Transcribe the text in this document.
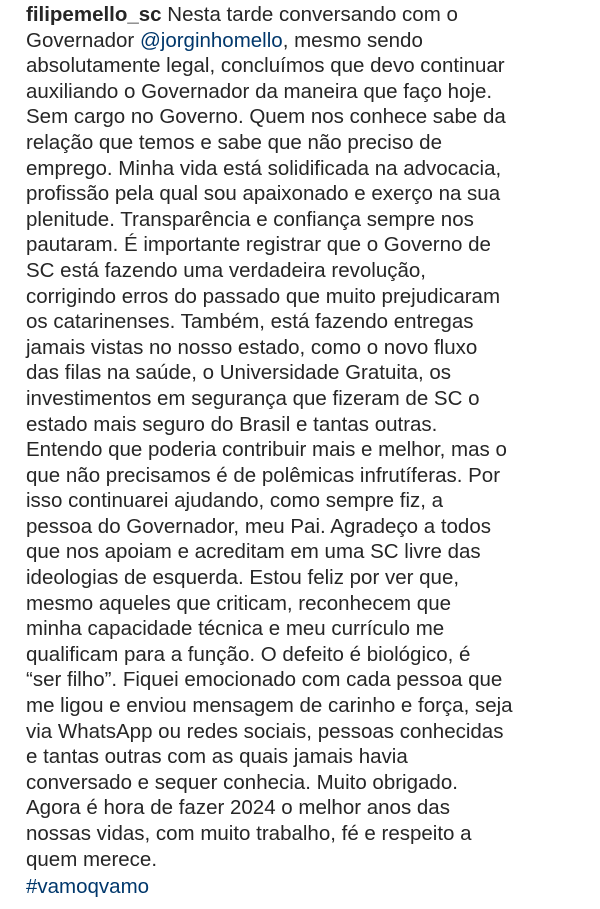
filipemello_sc Nesta tarde conversando com o
Governador @jorginhomello, mesmo sendo
absolutamente legal, concluímos que devo continuar
auxiliando o Governador da maneira que faço hoje.
Sem cargo no Governo. Quem nos conhece sabe da
relação que temos e sabe que não preciso de
emprego. Minha vida está solidificada na advocacia,
profissão pela qual sou apaixonado e exerço na sua
plenitude. Transparência e confiança sempre nos
pautaram. É importante registrar que o Governo de
SC está fazendo uma verdadeira revolução,
corrigindo erros do passado que muito prejudicaram
os catarinenses. Também, está fazendo entregas
jamais vistas no nosso estado, como o novo fluxo
das filas na saúde, o Universidade Gratuita, os
investimentos em segurança que fizeram de SC o
estado mais seguro do Brasil e tantas outras.
Entendo que poderia contribuir mais e melhor, mas o
que não precisamos é de polêmicas infrutíferas. Por
isso continuarei ajudando, como sempre fiz, a
pessoa do Governador, meu Pai. Agradeço a todos
que nos apoiam e acreditam em uma SC livre das
ideologias de esquerda. Estou feliz por ver que,
mesmo aqueles que criticam, reconhecem que
minha capacidade técnica e meu currículo me
qualificam para a função. O defeito é biológico, é
“ser filho”. Fiquei emocionado com cada pessoa que
me ligou e enviou mensagem de carinho e força, seja
via WhatsApp ou redes sociais, pessoas conhecidas
e tantas outras com as quais jamais havia
conversado e sequer conhecia. Muito obrigado.
Agora é hora de fazer 2024 o melhor anos das
nossas vidas, com muito trabalho, fé e respeito a
quem merece.
#vamoqvamo
